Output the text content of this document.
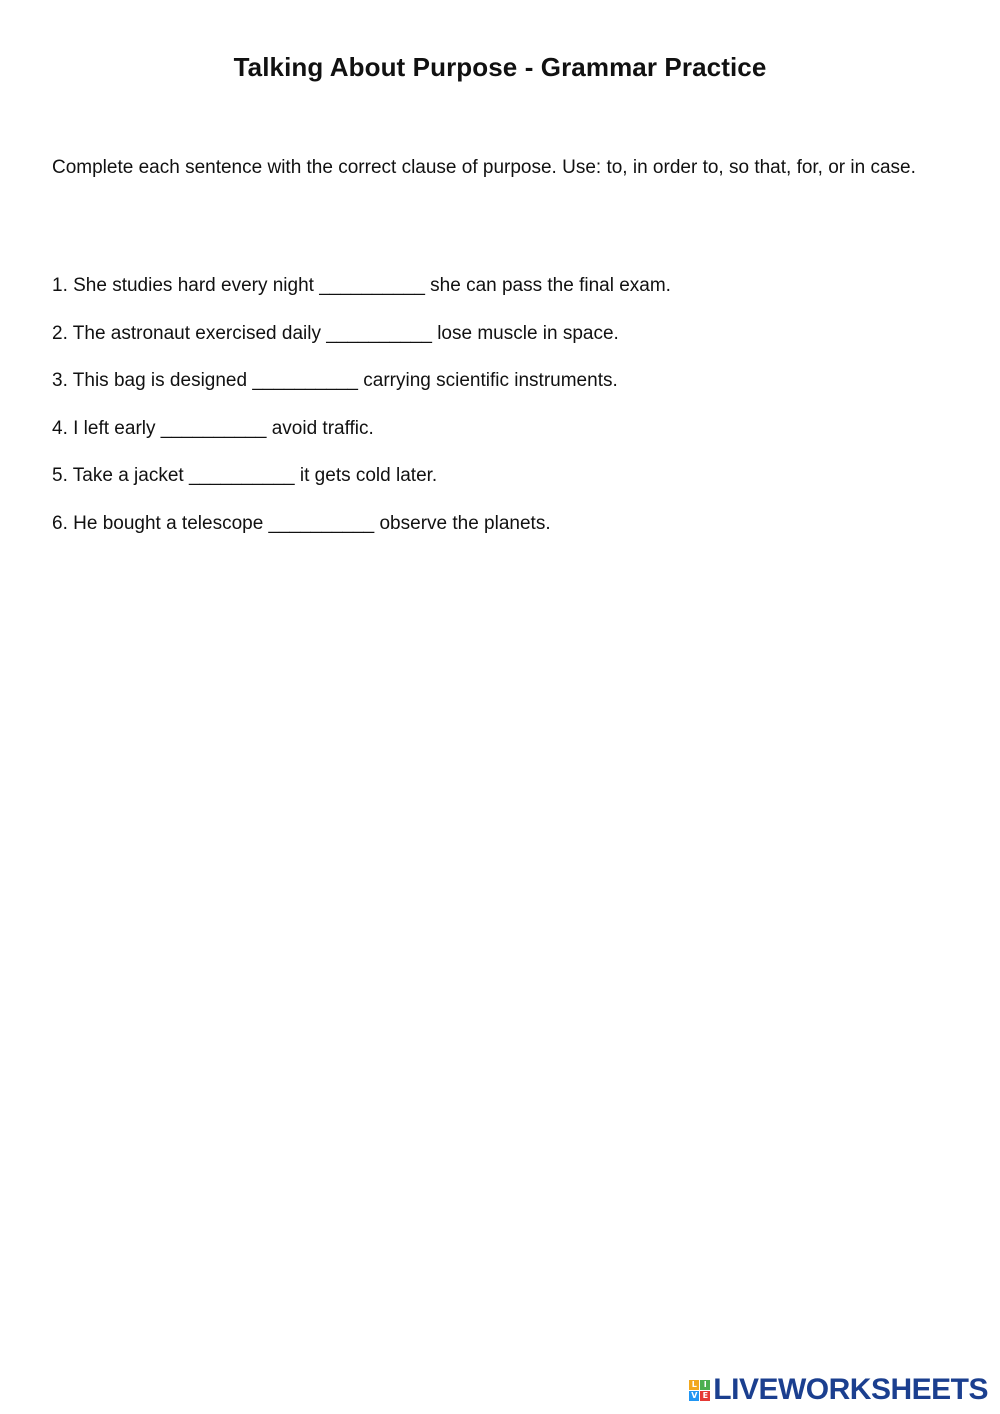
Talking About Purpose - Grammar Practice

Complete each sentence with the correct clause of purpose. Use: to, in order to, so that, for, or in case.

1. She studies hard every night __________ she can pass the final exam.
2. The astronaut exercised daily __________ lose muscle in space.
3. This bag is designed __________ carrying scientific instruments.
4. I left early __________ avoid traffic.
5. Take a jacket __________ it gets cold later.
6. He bought a telescope __________ observe the planets.
L I
V E LIVEWORKSHEETS
